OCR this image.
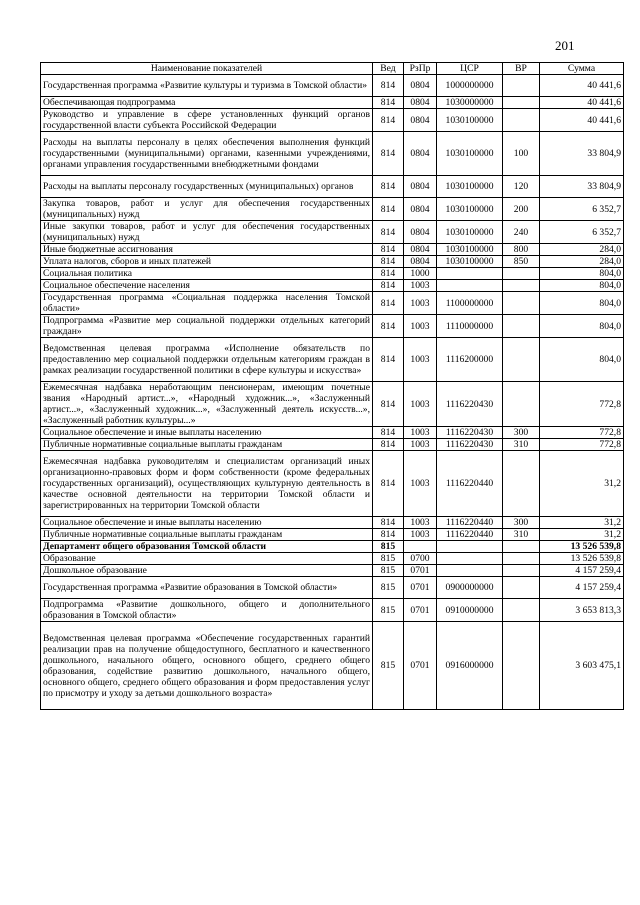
201
Наименование показателей	Вед	РзПр	ЦСР	ВР	Сумма
Государственная программа «Развитие культуры и туризма в Томской области»	814	0804	1000000000		40 441,6
Обеспечивающая подпрограмма	814	0804	1030000000		40 441,6
Руководство и управление в сфере установленных функций органов государственной власти субъекта Российской Федерации	814	0804	1030100000		40 441,6
Расходы на выплаты персоналу в целях обеспечения выполнения функций государственными (муниципальными) органами, казенными учреждениями, органами управления государственными внебюджетными фондами	814	0804	1030100000	100	33 804,9
Расходы на выплаты персоналу государственных (муниципальных) органов	814	0804	1030100000	120	33 804,9
Закупка товаров, работ и услуг для обеспечения государственных (муниципальных) нужд	814	0804	1030100000	200	6 352,7
Иные закупки товаров, работ и услуг для обеспечения государственных (муниципальных) нужд	814	0804	1030100000	240	6 352,7
Иные бюджетные ассигнования	814	0804	1030100000	800	284,0
Уплата налогов, сборов и иных платежей	814	0804	1030100000	850	284,0
Социальная политика	814	1000			804,0
Социальное обеспечение населения	814	1003			804,0
Государственная программа «Социальная поддержка населения Томской области»	814	1003	1100000000		804,0
Подпрограмма «Развитие мер социальной поддержки отдельных категорий граждан»	814	1003	1110000000		804,0
Ведомственная целевая программа «Исполнение обязательств по предоставлению мер социальной поддержки отдельным категориям граждан в рамках реализации государственной политики в сфере культуры и искусства»	814	1003	1116200000		804,0
Ежемесячная надбавка неработающим пенсионерам, имеющим почетные звания «Народный артист...», «Народный художник...», «Заслуженный артист...», «Заслуженный художник...», «Заслуженный деятель искусств...», «Заслуженный работник культуры...»	814	1003	1116220430		772,8
Социальное обеспечение и иные выплаты населению	814	1003	1116220430	300	772,8
Публичные нормативные социальные выплаты гражданам	814	1003	1116220430	310	772,8
Ежемесячная надбавка руководителям и специалистам организаций иных организационно-правовых форм и форм собственности (кроме федеральных государственных организаций), осуществляющих культурную деятельность в качестве основной деятельности на территории Томской области и зарегистрированных на территории Томской области	814	1003	1116220440		31,2
Социальное обеспечение и иные выплаты населению	814	1003	1116220440	300	31,2
Публичные нормативные социальные выплаты гражданам	814	1003	1116220440	310	31,2
Департамент общего образования Томской области	815				13 526 539,8
Образование	815	0700			13 526 539,8
Дошкольное образование	815	0701			4 157 259,4
Государственная программа «Развитие образования в Томской области»	815	0701	0900000000		4 157 259,4
Подпрограмма «Развитие дошкольного, общего и дополнительного образования в Томской области»	815	0701	0910000000		3 653 813,3
Ведомственная целевая программа «Обеспечение государственных гарантий реализации прав на получение общедоступного, бесплатного и качественного дошкольного, начального общего, основного общего, среднего общего образования, содействие развитию дошкольного, начального общего, основного общего, среднего общего образования и форм предоставления услуг по присмотру и уходу за детьми дошкольного возраста»	815	0701	0916000000		3 603 475,1
